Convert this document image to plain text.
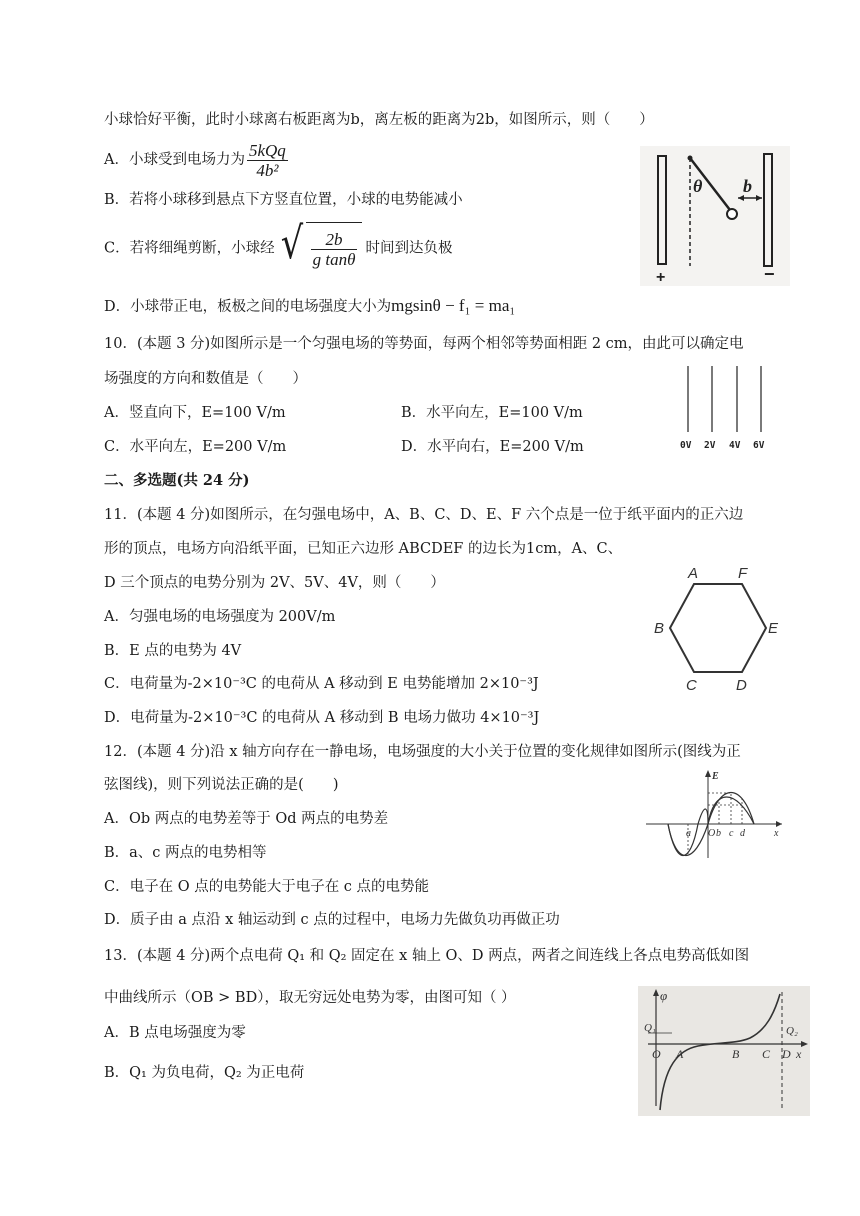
小球恰好平衡，此时小球离右板距离为b，离左板的距离为2b，如图所示，则（　　）
A．小球受到电场力为 $\frac{\text{5kQq}}{\text{4b²}}$
B．若将小球移到悬点下方竖直位置，小球的电势能减小
C．若将细绳剪断，小球经 √ $\frac{2b}{\text{g tanθ}}$ 时间到达负极
D．小球带正电，板极之间的电场强度大小为mgsinθ − f₁ = ma₁
θ b
+	−
10．(本题 3 分)如图所示是一个匀强电场的等势面，每两个相邻等势面相距 2 cm，由此可以确定电
场强度的方向和数值是（　　）
A．竖直向下，E=100 V/m	B．水平向左，E=100 V/m
C．水平向左，E=200 V/m	D．水平向右，E=200 V/m	0V 2V 4V 6V
二、多选题(共 24 分)
11．(本题 4 分)如图所示，在匀强电场中，A、B、C、D、E、F 六个点是一位于纸平面内的正六边
形的顶点，电场方向沿纸平面，已知正六边形 ABCDEF 的边长为1cm，A、C、
D 三个顶点的电势分别为 2V、5V、4V，则（　　）
A．匀强电场的电场强度为 200V/m
B．E 点的电势为 4V
C．电荷量为-2×10⁻³C 的电荷从 A 移动到 E 电势能增加 2×10⁻³J
D．电荷量为-2×10⁻³C 的电荷从 A 移动到 B 电场力做功 4×10⁻³J
A	F
B	E
C	D
12．(本题 4 分)沿 x 轴方向存在一静电场，电场强度的大小关于位置的变化规律如图所示(图线为正
弦图线)，则下列说法正确的是(　　)
A．Ob 两点的电势差等于 Od 两点的电势差
B．a、c 两点的电势相等
C．电子在 O 点的电势能大于电子在 c 点的电势能
D．质子由 a 点沿 x 轴运动到 c 点的过程中，电场力先做负功再做正功
E
a O b c d	x
13．(本题 4 分)两个点电荷 Q₁ 和 Q₂ 固定在 x 轴上 O、D 两点，两者之间连线上各点电势高低如图
中曲线所示（OB > BD），取无穷远处电势为零，由图可知（ ）
A．B 点电场强度为零
B．Q₁ 为负电荷，Q₂ 为正电荷
φ
Q₁	Q₂
O A	B C D x
